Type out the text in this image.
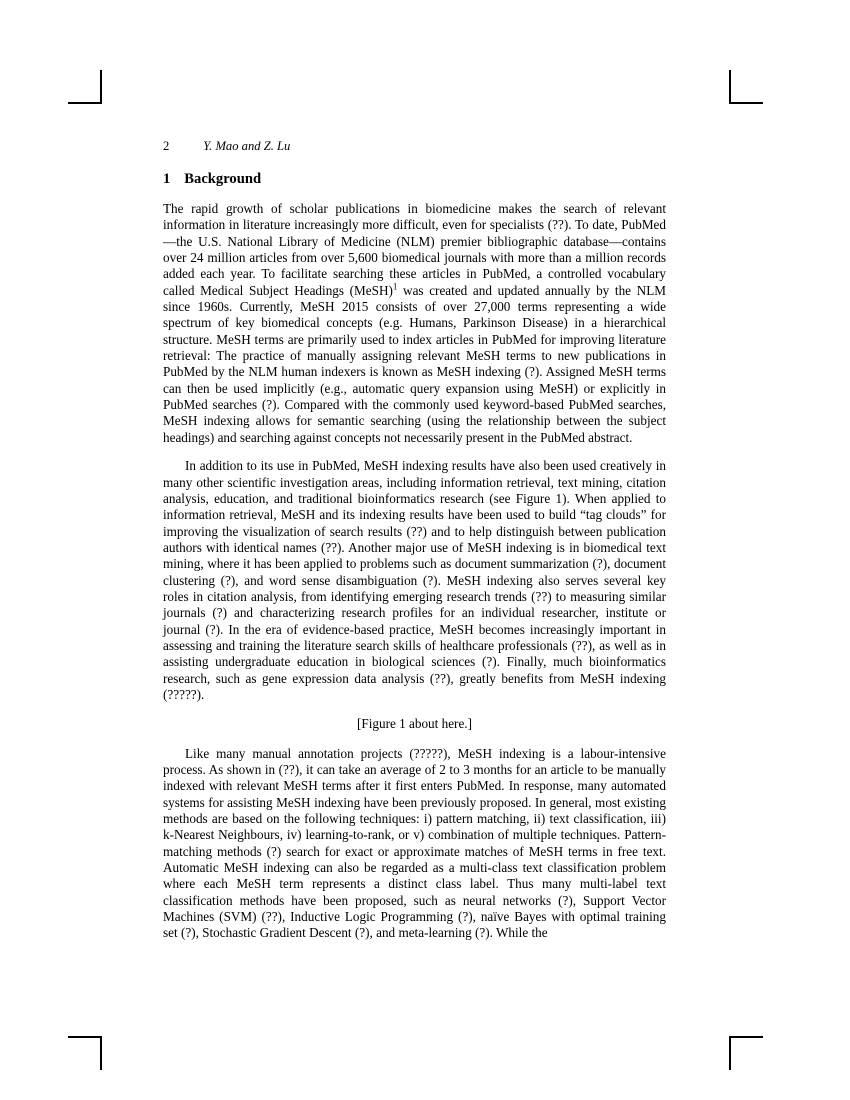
2	Y. Mao and Z. Lu
1 Background

The rapid growth of scholar publications in biomedicine makes the search of relevant information in literature increasingly more difficult, even for specialists (??). To date, PubMed—the U.S. National Library of Medicine (NLM) premier bibliographic database—contains over 24 million articles from over 5,600 biomedical journals with more than a million records added each year. To facilitate searching these articles in PubMed, a controlled vocabulary called Medical Subject Headings (MeSH)$^1$ was created and updated annually by the NLM since 1960s. Currently, MeSH 2015 consists of over 27,000 terms representing a wide spectrum of key biomedical concepts (e.g. Humans, Parkinson Disease) in a hierarchical structure. MeSH terms are primarily used to index articles in PubMed for improving literature retrieval: The practice of manually assigning relevant MeSH terms to new publications in PubMed by the NLM human indexers is known as MeSH indexing (?). Assigned MeSH terms can then be used implicitly (e.g., automatic query expansion using MeSH) or explicitly in PubMed searches (?). Compared with the commonly used keyword-based PubMed searches, MeSH indexing allows for semantic searching (using the relationship between the subject headings) and searching against concepts not necessarily present in the PubMed abstract.

In addition to its use in PubMed, MeSH indexing results have also been used creatively in many other scientific investigation areas, including information retrieval, text mining, citation analysis, education, and traditional bioinformatics research (see Figure 1). When applied to information retrieval, MeSH and its indexing results have been used to build “tag clouds” for improving the visualization of search results (??) and to help distinguish between publication authors with identical names (??). Another major use of MeSH indexing is in biomedical text mining, where it has been applied to problems such as document summarization (?), document clustering (?), and word sense disambiguation (?). MeSH indexing also serves several key roles in citation analysis, from identifying emerging research trends (??) to measuring similar journals (?) and characterizing research profiles for an individual researcher, institute or journal (?). In the era of evidence-based practice, MeSH becomes increasingly important in assessing and training the literature search skills of healthcare professionals (??), as well as in assisting undergraduate education in biological sciences (?). Finally, much bioinformatics research, such as gene expression data analysis (??), greatly benefits from MeSH indexing (?????).

[Figure 1 about here.]

Like many manual annotation projects (?????), MeSH indexing is a labour-intensive process. As shown in (??), it can take an average of 2 to 3 months for an article to be manually indexed with relevant MeSH terms after it first enters PubMed. In response, many automated systems for assisting MeSH indexing have been previously proposed. In general, most existing methods are based on the following techniques: i) pattern matching, ii) text classification, iii) k-Nearest Neighbours, iv) learning-to-rank, or v) combination of multiple techniques. Pattern-matching methods (?) search for exact or approximate matches of MeSH terms in free text. Automatic MeSH indexing can also be regarded as a multi-class text classification problem where each MeSH term represents a distinct class label. Thus many multi-label text classification methods have been proposed, such as neural networks (?), Support Vector Machines (SVM) (??), Inductive Logic Programming (?), naïve Bayes with optimal training set (?), Stochastic Gradient Descent (?), and meta-learning (?). While the
